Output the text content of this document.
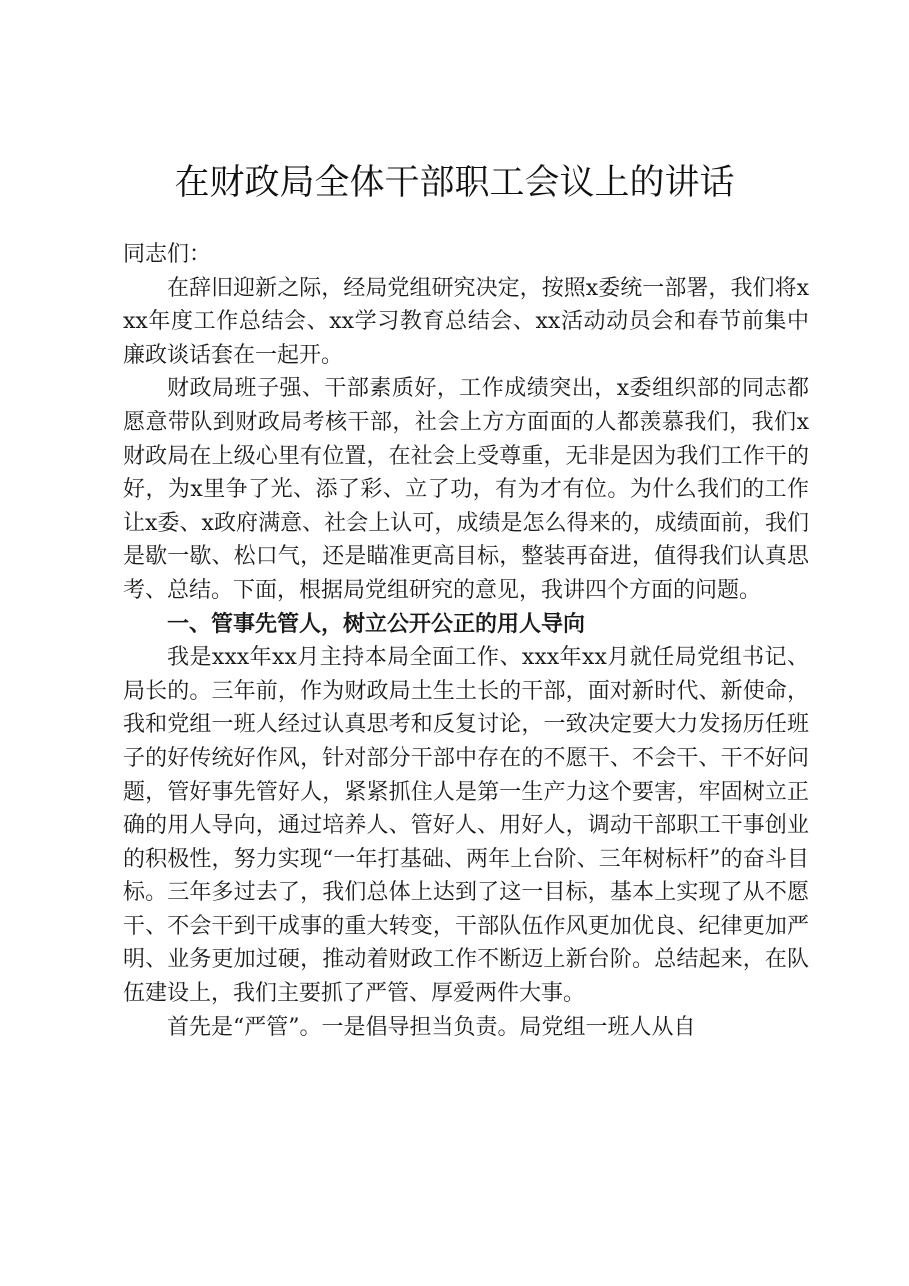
在财政局全体干部职工会议上的讲话

同志们：

在辞旧迎新之际，经局党组研究决定，按照x委统一部署，我们将xxx年度工作总结会、xx学习教育总结会、xx活动动员会和春节前集中廉政谈话套在一起开。

财政局班子强、干部素质好，工作成绩突出，x委组织部的同志都愿意带队到财政局考核干部，社会上方方面面的人都羡慕我们，我们x财政局在上级心里有位置，在社会上受尊重，无非是因为我们工作干的好，为x里争了光、添了彩、立了功，有为才有位。为什么我们的工作让x委、x政府满意、社会上认可，成绩是怎么得来的，成绩面前，我们是歇一歇、松口气，还是瞄准更高目标，整装再奋进，值得我们认真思考、总结。下面，根据局党组研究的意见，我讲四个方面的问题。

一、管事先管人，树立公开公正的用人导向

我是xxx年xx月主持本局全面工作、xxx年xx月就任局党组书记、局长的。三年前，作为财政局土生土长的干部，面对新时代、新使命，我和党组一班人经过认真思考和反复讨论，一致决定要大力发扬历任班子的好传统好作风，针对部分干部中存在的不愿干、不会干、干不好问题，管好事先管好人，紧紧抓住人是第一生产力这个要害，牢固树立正确的用人导向，通过培养人、管好人、用好人，调动干部职工干事创业的积极性，努力实现“一年打基础、两年上台阶、三年树标杆”的奋斗目标。三年多过去了，我们总体上达到了这一目标，基本上实现了从不愿干、不会干到干成事的重大转变，干部队伍作风更加优良、纪律更加严明、业务更加过硬，推动着财政工作不断迈上新台阶。总结起来，在队伍建设上，我们主要抓了严管、厚爱两件大事。

首先是“严管”。一是倡导担当负责。局党组一班人从自
